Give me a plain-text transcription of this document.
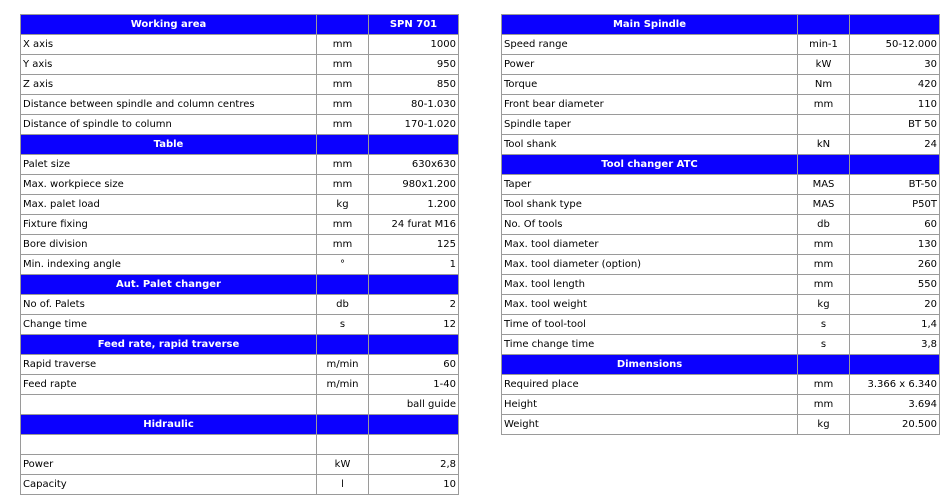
Working area		SPN 701
X axis	mm	1000
Y axis	mm	950
Z axis	mm	850
Distance between spindle and column centres	mm	80-1.030
Distance of spindle to column	mm	170-1.020
Table		
Palet size	mm	630x630
Max. workpiece size	mm	980x1.200
Max. palet load	kg	1.200
Fixture fixing	mm	24 furat M16
Bore division	mm	125
Min. indexing angle	°	1
Aut. Palet changer		
No of. Palets	db	2
Change time	s	12
Feed rate, rapid traverse		
Rapid traverse	m/min	60
Feed rapte	m/min	1-40
		ball guide
Hidraulic		

Power	kW	2,8
Capacity	l	10
Main Spindle		
Speed range	min-1	50-12.000
Power	kW	30
Torque	Nm	420
Front bear diameter	mm	110
Spindle taper		BT 50
Tool shank	kN	24
Tool changer ATC		
Taper	MAS	BT-50
Tool shank type	MAS	P50T
No. Of tools	db	60
Max. tool diameter	mm	130
Max. tool diameter (option)	mm	260
Max. tool length	mm	550
Max. tool weight	kg	20
Time of tool-tool	s	1,4
Time change time	s	3,8
Dimensions		
Required place	mm	3.366 x 6.340
Height	mm	3.694
Weight	kg	20.500
